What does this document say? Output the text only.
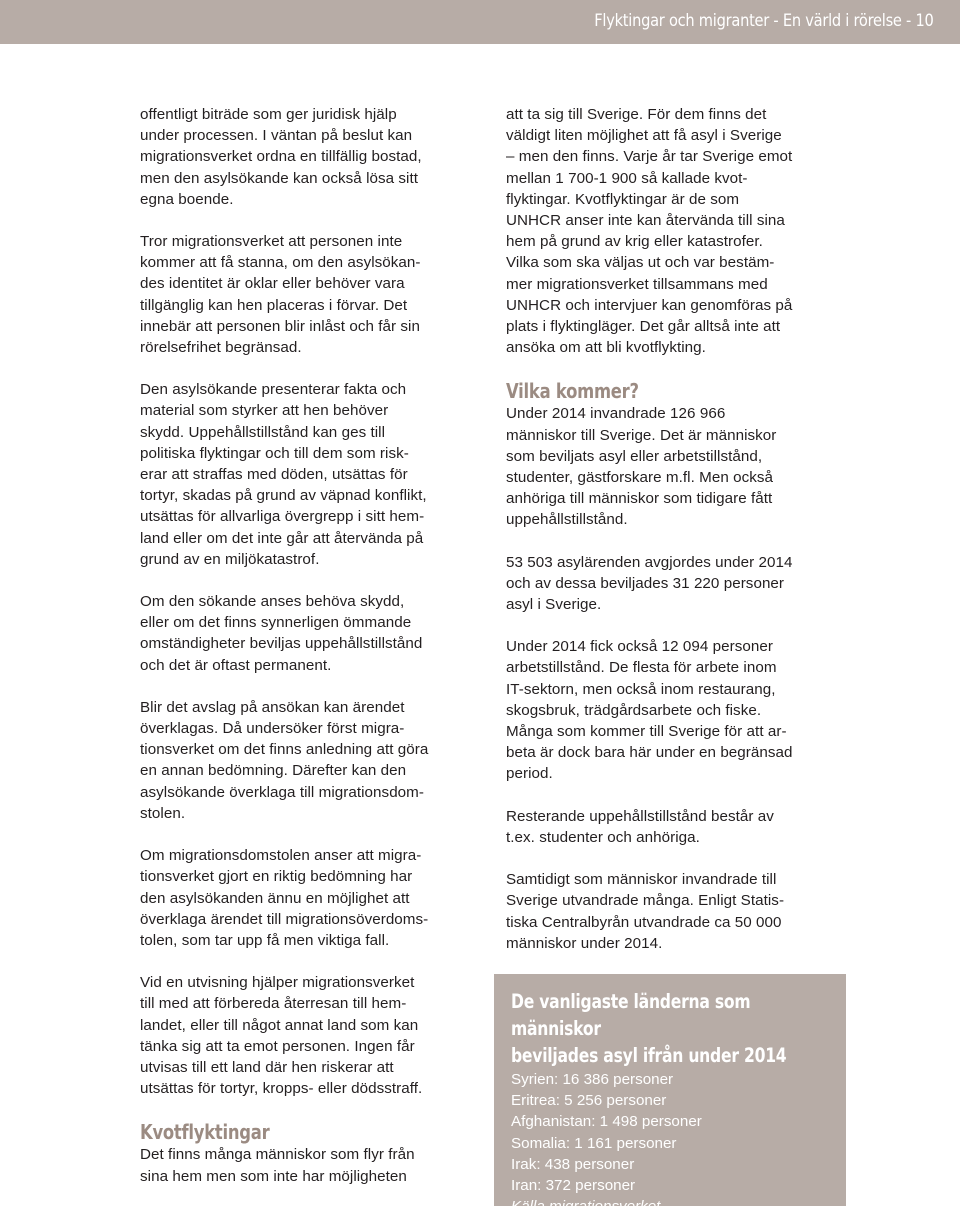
Flyktingar och migranter - En värld i rörelse - 10

offentligt biträde som ger juridisk hjälp
under processen. I väntan på beslut kan
migrationsverket ordna en tillfällig bostad,
men den asylsökande kan också lösa sitt
egna boende.

Tror migrationsverket att personen inte
kommer att få stanna, om den asylsökan-
des identitet är oklar eller behöver vara
tillgänglig kan hen placeras i förvar. Det
innebär att personen blir inlåst och får sin
rörelsefrihet begränsad.

Den asylsökande presenterar fakta och
material som styrker att hen behöver
skydd. Uppehållstillstånd kan ges till
politiska flyktingar och till dem som risk-
erar att straffas med döden, utsättas för
tortyr, skadas på grund av väpnad konflikt,
utsättas för allvarliga övergrepp i sitt hem-
land eller om det inte går att återvända på
grund av en miljökatastrof.

Om den sökande anses behöva skydd,
eller om det finns synnerligen ömmande
omständigheter beviljas uppehållstillstånd
och det är oftast permanent.

Blir det avslag på ansökan kan ärendet
överklagas. Då undersöker först migra-
tionsverket om det finns anledning att göra
en annan bedömning. Därefter kan den
asylsökande överklaga till migrationsdom-
stolen.

Om migrationsdomstolen anser att migra-
tionsverket gjort en riktig bedömning har
den asylsökanden ännu en möjlighet att
överklaga ärendet till migrationsöverdoms-
tolen, som tar upp få men viktiga fall.

Vid en utvisning hjälper migrationsverket
till med att förbereda återresan till hem-
landet, eller till något annat land som kan
tänka sig att ta emot personen. Ingen får
utvisas till ett land där hen riskerar att
utsättas för tortyr, kropps- eller dödsstraff.

Kvotflyktingar

Det finns många människor som flyr från
sina hem men som inte har möjligheten

att ta sig till Sverige. För dem finns det
väldigt liten möjlighet att få asyl i Sverige
– men den finns. Varje år tar Sverige emot
mellan 1 700-1 900 så kallade kvot-
flyktingar. Kvotflyktingar är de som
UNHCR anser inte kan återvända till sina
hem på grund av krig eller katastrofer.
Vilka som ska väljas ut och var bestäm-
mer migrationsverket tillsammans med
UNHCR och intervjuer kan genomföras på
plats i flyktingläger. Det går alltså inte att
ansöka om att bli kvotflykting.

Vilka kommer?

Under 2014 invandrade 126 966
människor till Sverige. Det är människor
som beviljats asyl eller arbetstillstånd,
studenter, gästforskare m.fl. Men också
anhöriga till människor som tidigare fått
uppehållstillstånd.

53 503 asylärenden avgjordes under 2014
och av dessa beviljades 31 220 personer
asyl i Sverige.

Under 2014 fick också 12 094 personer
arbetstillstånd. De flesta för arbete inom
IT-sektorn, men också inom restaurang,
skogsbruk, trädgårdsarbete och fiske.
Många som kommer till Sverige för att ar-
beta är dock bara här under en begränsad
period.

Resterande uppehållstillstånd består av
t.ex. studenter och anhöriga.

Samtidigt som människor invandrade till
Sverige utvandrade många. Enligt Statis-
tiska Centralbyrån utvandrade ca 50 000
människor under 2014.

De vanligaste länderna som människor
beviljades asyl ifrån under 2014
Syrien: 16 386 personer
Eritrea: 5 256 personer
Afghanistan: 1 498 personer
Somalia: 1 161 personer
Irak: 438 personer
Iran: 372 personer
Källa migrationsverket
